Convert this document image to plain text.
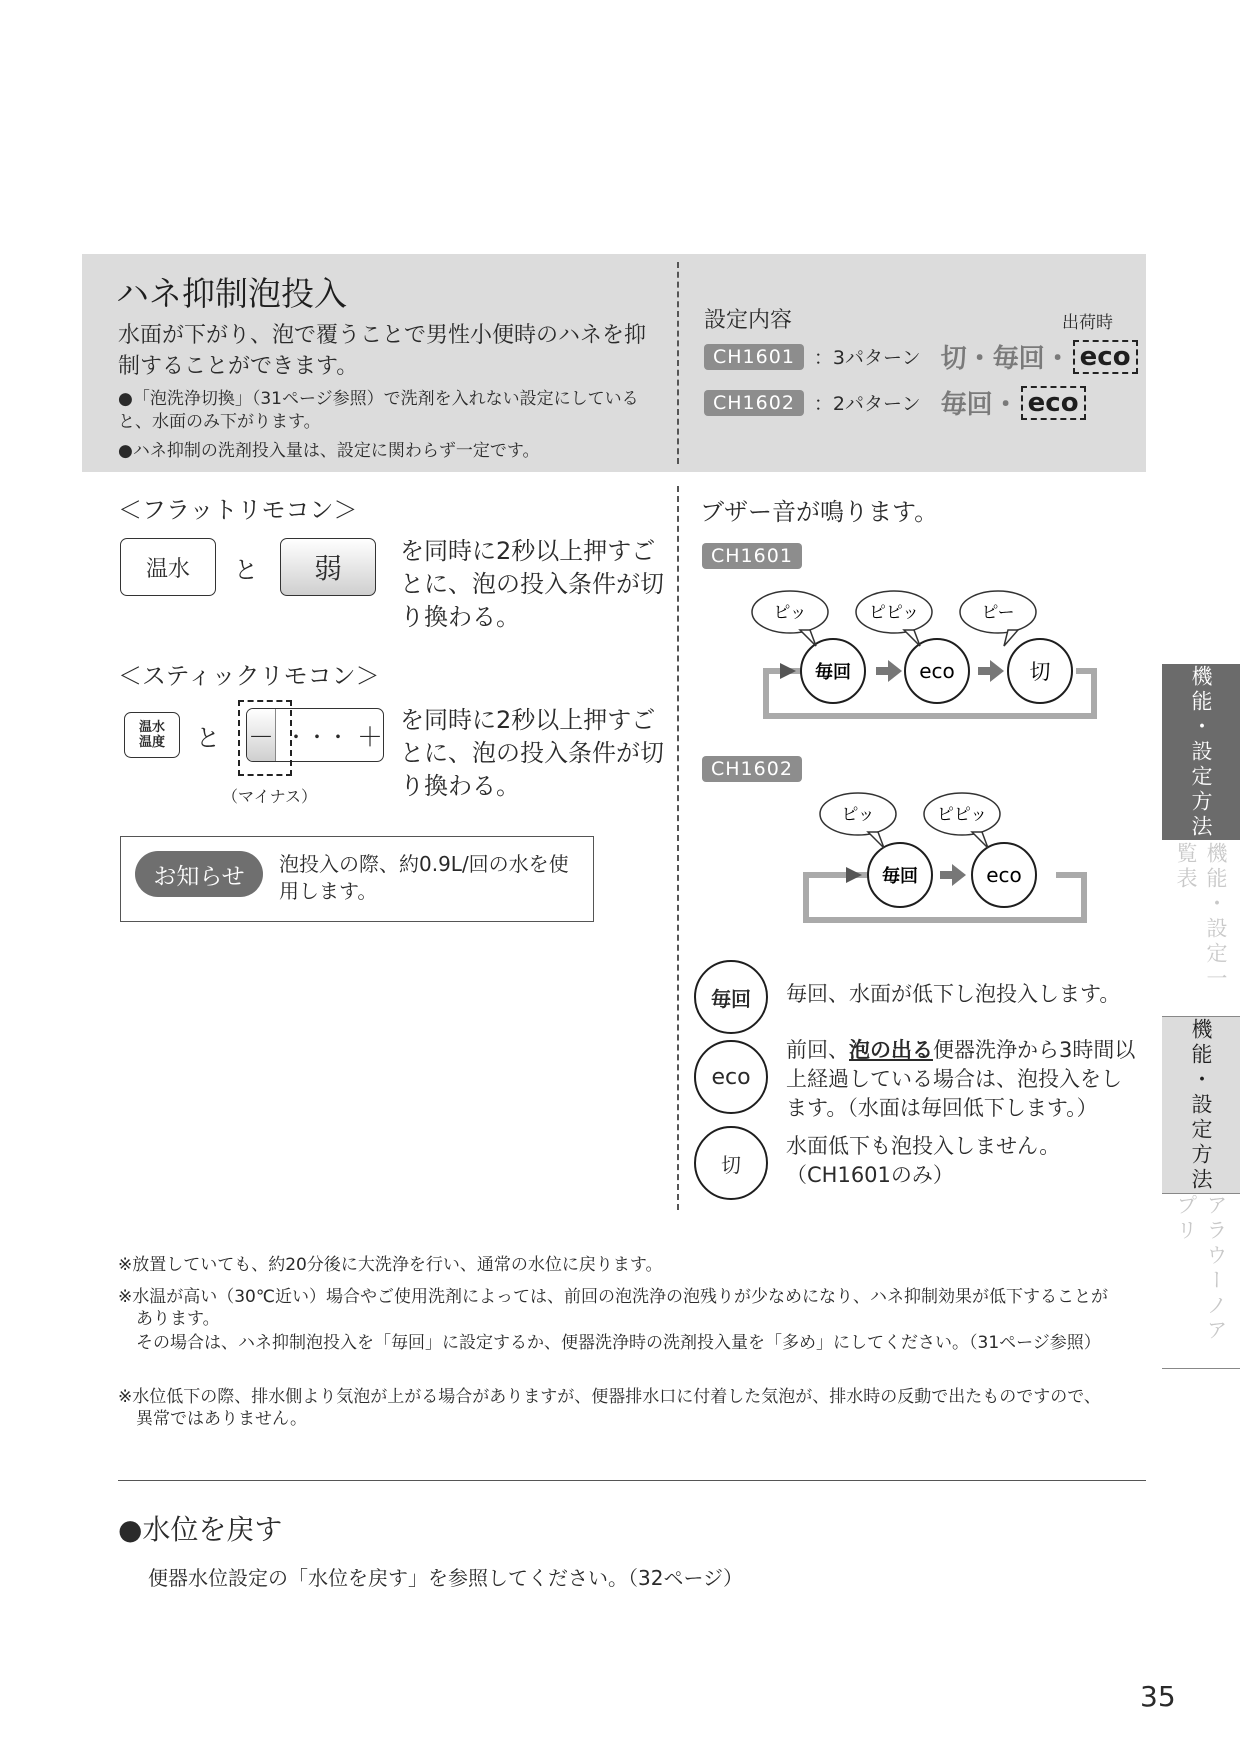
ハネ抑制泡投入
水面が下がり、泡で覆うことで男性小便時のハネを抑制することができます。
●「泡洗浄切換」（31ページ参照）で洗剤を入れない設定にしていると、水面のみ下がります。
●ハネ抑制の洗剤投入量は、設定に関わらず一定です。
設定内容	出荷時
CH1601	：3パターン 切・毎回・ eco
CH1602	：2パターン 毎回・ eco
＜フラットリモコン＞
温水 と 弱
を同時に2秒以上押すごとに、泡の投入条件が切り換わる。
＜スティックリモコン＞
温水
温度 と － ・・・ ＋
（マイナス）
を同時に2秒以上押すごとに、泡の投入条件が切り換わる。
お知らせ 泡投入の際、約0.9L/回の水を使用します。
ブザー音が鳴ります。
CH1601
毎回	eco	切
ピッ	ピピッ	ピー
CH1602
毎回	eco
ピッ	ピピッ
毎回 毎回、水面が低下し泡投入します。
eco
前回、泡の出る便器洗浄から3時間以上経過している場合は、泡投入をします。（水面は毎回低下します。）
切
水面低下も泡投入しません。（CH1601のみ）
※放置していても、約20分後に大洗浄を行い、通常の水位に戻ります。
※水温が高い（30℃近い）場合やご使用洗剤によっては、前回の泡洗浄の泡残りが少なめになり、ハネ抑制効果が低下することがあります。
その場合は、ハネ抑制泡投入を「毎回」に設定するか、便器洗浄時の洗剤投入量を「多め」にしてください。（31ページ参照）
※水位低下の際、排水側より気泡が上がる場合がありますが、便器排水口に付着した気泡が、排水時の反動で出たものですので、異常ではありません。
●水位を戻す
便器水位設定の「水位を戻す」を参照してください。（32ページ）
機能・設定方法
機能・設定一覧表
機能・設定方法
アラウーノアプリ
35
